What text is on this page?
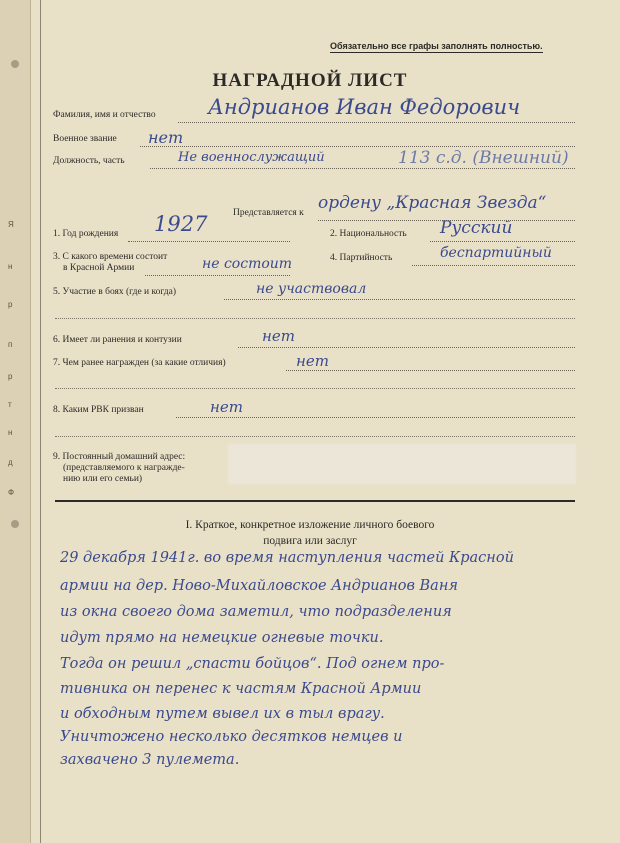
Я
н
р
п
р
т
н
д
Ф
Обязательно все графы заполнять полностью.
НАГРАДНОЙ ЛИСТ
Фамилия, имя и отчество Андрианов Иван Федорович
Военное звание нет
Должность, часть	Не военнослужащий	113 с.д. (Внешний)
Представляется к ордену „Красная Звезда“
1. Год рождения 1927	2. Национальность Русский
3. С какого времени состоит
в Красной Армии	не состоит	4. Партийность	беспартийный
5. Участие в боях (где и когда)	не участвовал
6. Имеет ли ранения и контузии	нет
7. Чем ранее награжден (за какие отличия)	нет
8. Каким РВК призван	нет
9. Постоянный домашний адрес:
(представляемого к награжде-
нию или его семьи)
I. Краткое, конкретное изложение личного боевого
подвига или заслуг
29 декабря 1941г. во время наступления частей Красной
армии на дер. Ново-Михайловское Андрианов Ваня
из окна своего дома заметил, что подразделения
идут прямо на немецкие огневые точки.
Тогда он решил „спасти бойцов“. Под огнем про-
тивника он перенес к частям Красной Армии
и обходным путем вывел их в тыл врагу.
Уничтожено несколько десятков немцев и
захвачено 3 пулемета.
